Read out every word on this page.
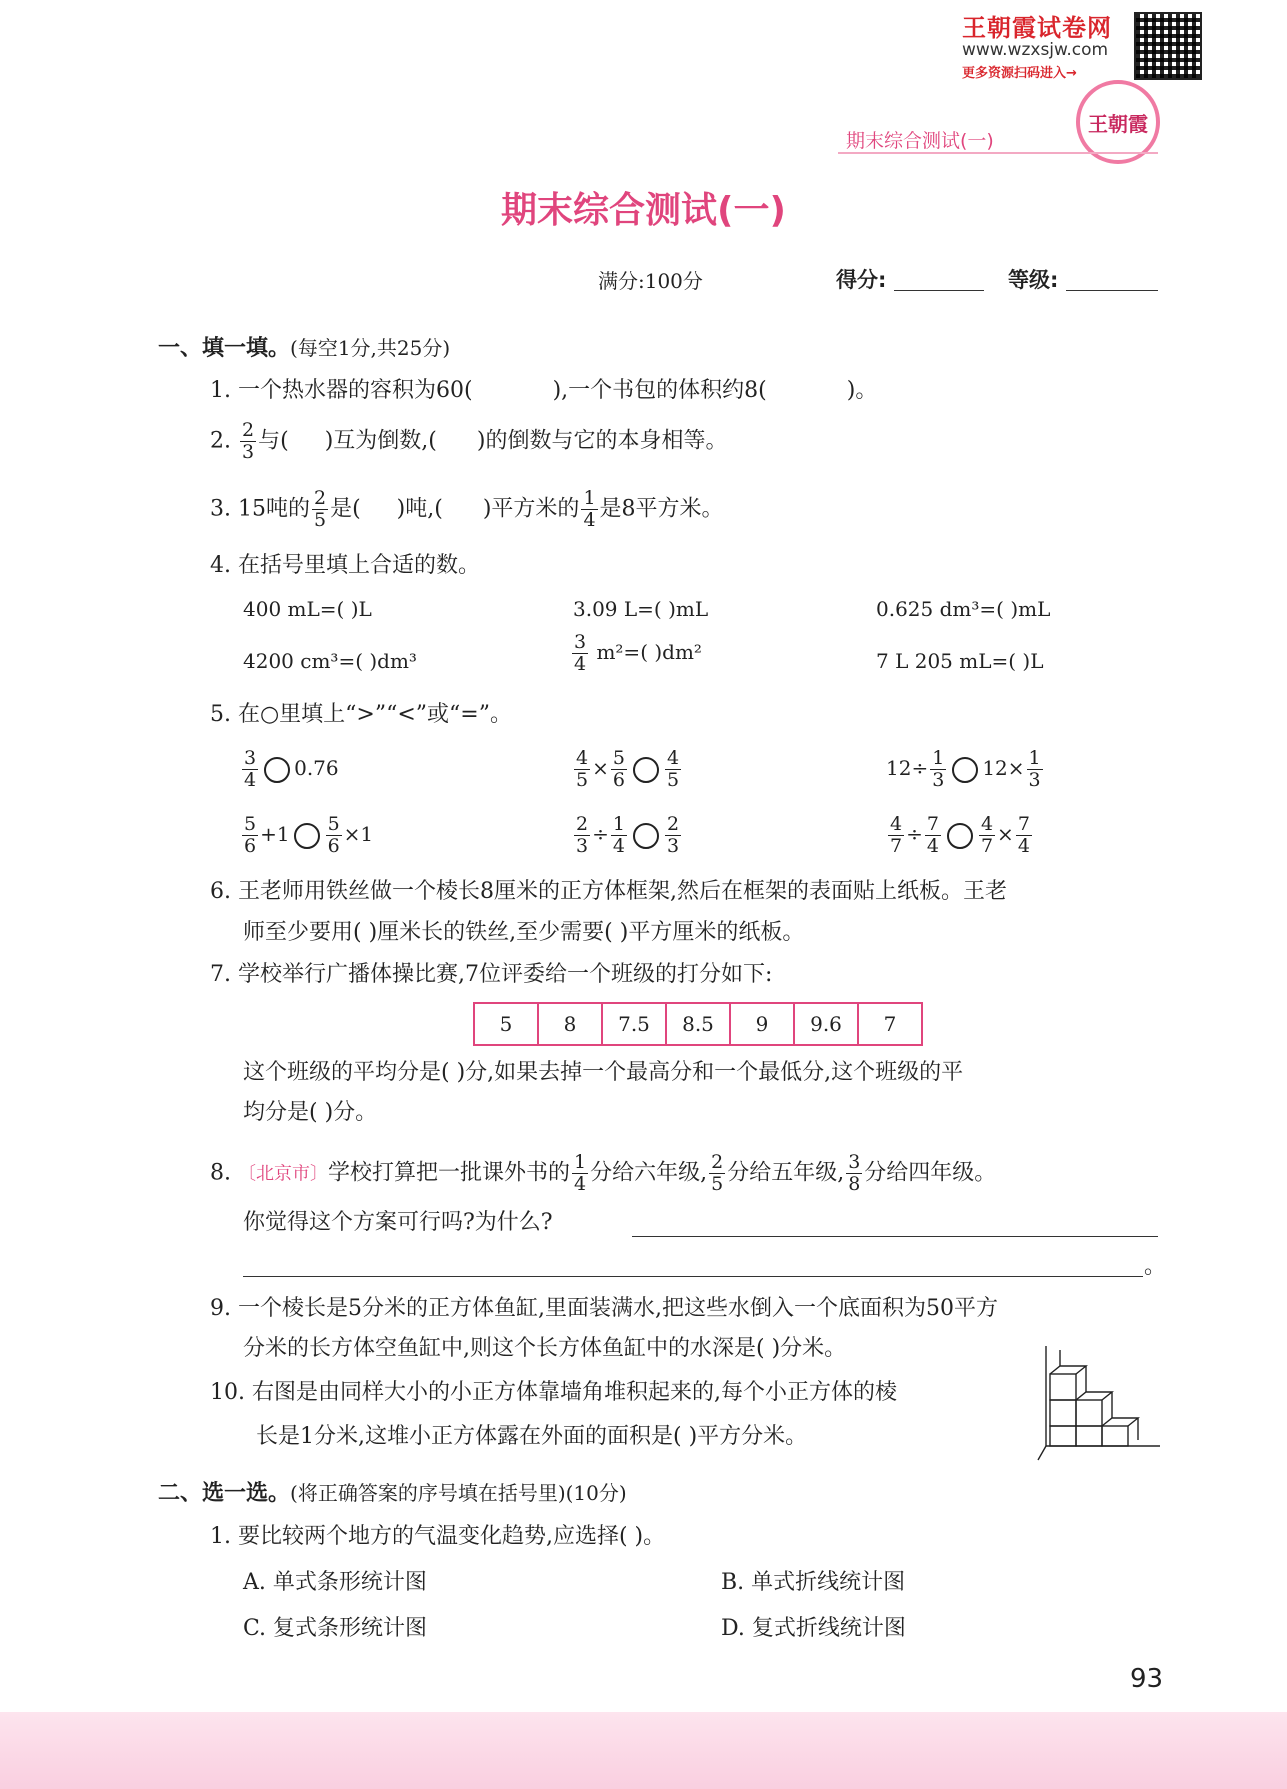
王朝霞试卷网
www.wzxsjw.com
更多资源扫码进入→
王朝霞
期末综合测试(一)
期末综合测试(一)
满分:100分	得分:	等级:
一、填一填。(每空1分,共25分)
1. 一个热水器的容积为60(	),一个书包的体积约8(	)。
2. $\frac{2}{3}$ 与( )互为倒数,( )的倒数与它的本身相等。
3. 15吨的 $\frac{2}{5}$ 是( )吨,( )平方米的 $\frac{1}{4}$ 是8平方米。
4. 在括号里填上合适的数。
400 mL=( )L	3.09 L=( )mL	0.625 dm³=( )mL
4200 cm³=( )dm³	$\frac{3}{4} m^2=$( )dm²	7 L 205 mL=( )L
5. 在○里填上“>”“<”或“=”。
$\frac{3}{4} 0.76$	$\frac{4}{5} \times \frac{5}{6} \frac{4}{5}$	$12\div \frac{1}{3} 12\times \frac{1}{3}$
$\frac{5}{6} +1 \frac{5}{6} \times 1$	$\frac{2}{3} \div \frac{1}{4} \frac{2}{3}$	$\frac{4}{7} \div \frac{7}{4} \frac{4}{7} \times \frac{7}{4}$
6. 王老师用铁丝做一个棱长8厘米的正方体框架,然后在框架的表面贴上纸板。王老
师至少要用( )厘米长的铁丝,至少需要( )平方厘米的纸板。
7. 学校举行广播体操比赛,7位评委给一个班级的打分如下:
5	8	7.5	8.5	9	9.6	7
这个班级的平均分是( )分,如果去掉一个最高分和一个最低分,这个班级的平
均分是( )分。
8. 〔北京市〕学校打算把一批课外书的 $\frac{1}{4}$ 分给六年级, $\frac{2}{5}$ 分给五年级, $\frac{3}{8}$ 分给四年级。
你觉得这个方案可行吗?为什么?
。
9. 一个棱长是5分米的正方体鱼缸,里面装满水,把这些水倒入一个底面积为50平方
分米的长方体空鱼缸中,则这个长方体鱼缸中的水深是( )分米。
10. 右图是由同样大小的小正方体靠墙角堆积起来的,每个小正方体的棱
长是1分米,这堆小正方体露在外面的面积是( )平方分米。
二、选一选。(将正确答案的序号填在括号里)(10分)
1. 要比较两个地方的气温变化趋势,应选择( )。
A. 单式条形统计图	B. 单式折线统计图
C. 复式条形统计图	D. 复式折线统计图
93
